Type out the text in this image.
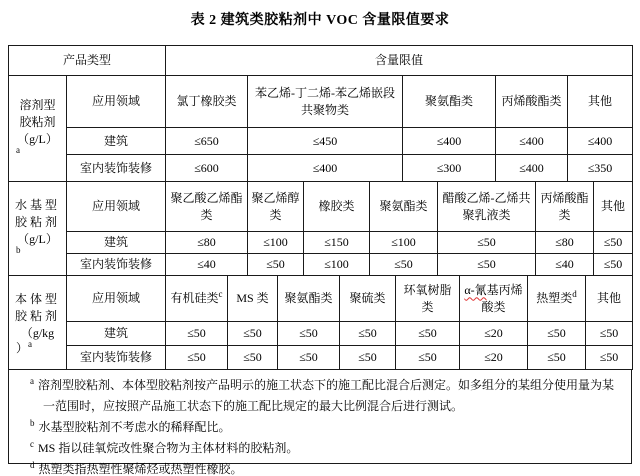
表 2 建筑类胶粘剂中 VOC 含量限值要求
产品类型	含量限值
溶剂型
胶粘剂
（g/L）
$^a$	应用领域	氯丁橡胶类	苯乙烯-丁二烯-苯乙烯嵌段共聚物类	聚氨酯类	丙烯酸酯类	其他
	建筑	≤650	≤450	≤400	≤400	≤400
	室内装饰装修	≤600	≤400	≤300	≤400	≤350
水基型
胶粘剂
（g/L）
$^b$	应用领域	聚乙酸乙烯酯类	聚乙烯醇类	橡胶类	聚氨酯类	醋酸乙烯-乙烯共聚乳液类	丙烯酸酯类	其他
	建筑	≤80	≤100	≤150	≤100	≤50	≤80	≤50
	室内装饰装修	≤40	≤50	≤100	≤50	≤50	≤40	≤50
本体型
胶粘剂
（g/kg
）$^a$	应用领域	有机硅类$^c$	MS 类	聚氨酯类	聚硫类	环氧树脂类	α-氰基丙烯酸类	热塑类$^d$	其他
	建筑	≤50	≤50	≤50	≤50	≤50	≤20	≤50	≤50
	室内装饰装修	≤50	≤50	≤50	≤50	≤50	≤20	≤50	≤50

$^a$ 溶剂型胶粘剂、本体型胶粘剂按产品明示的施工状态下的施工配比混合后测定。如多组分的某组分使用量为某一范围时，应按照产品施工状态下的施工配比规定的最大比例混合后进行测试。

$^b$ 水基型胶粘剂不考虑水的稀释配比。

$^c$ MS 指以硅氧烷改性聚合物为主体材料的胶粘剂。

$^d$ 热塑类指热塑性聚烯烃或热塑性橡胶。
